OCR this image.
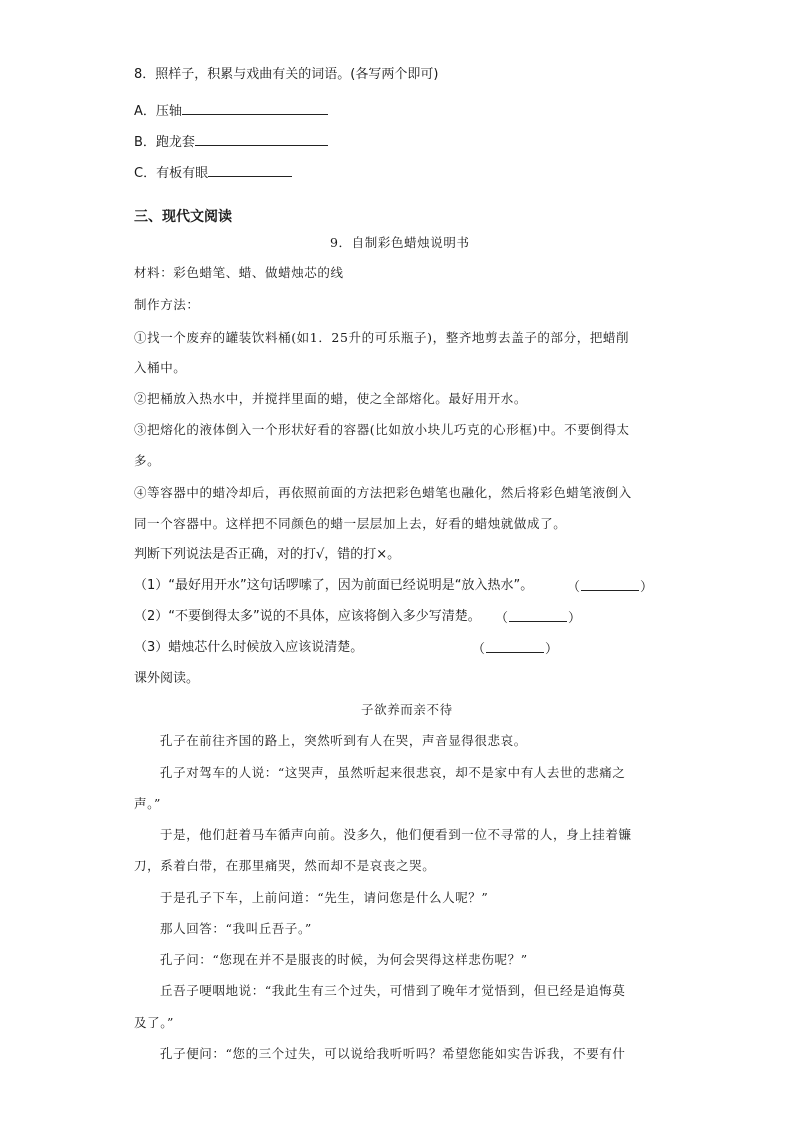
8．照样子，积累与戏曲有关的词语。(各写两个即可)
A．压轴
B．跑龙套
C．有板有眼
三、现代文阅读
9．自制彩色蜡烛说明书
材料：彩色蜡笔、蜡、做蜡烛芯的线
制作方法：
①找一个废弃的罐装饮料桶(如1．25升的可乐瓶子)，整齐地剪去盖子的部分，把蜡削
入桶中。
②把桶放入热水中，并搅拌里面的蜡，使之全部熔化。最好用开水。
③把熔化的液体倒入一个形状好看的容器(比如放小块儿巧克的心形框)中。不要倒得太
多。
④等容器中的蜡冷却后，再依照前面的方法把彩色蜡笔也融化，然后将彩色蜡笔液倒入
同一个容器中。这样把不同颜色的蜡一层层加上去，好看的蜡烛就做成了。
判断下列说法是否正确，对的打√，错的打×。
（1）“最好用开水”这句话啰嗦了，因为前面已经说明是“放入热水”。	（	）
（2）“不要倒得太多”说的不具体，应该将倒入多少写清楚。 （	）
（3）蜡烛芯什么时候放入应该说清楚。	（	）
课外阅读。
子欲养而亲不待
孔子在前往齐国的路上，突然听到有人在哭，声音显得很悲哀。
孔子对驾车的人说：“这哭声，虽然听起来很悲哀，却不是家中有人去世的悲痛之
声。”
于是，他们赶着马车循声向前。没多久，他们便看到一位不寻常的人，身上挂着镰
刀，系着白带，在那里痛哭，然而却不是哀丧之哭。
于是孔子下车，上前问道：“先生，请问您是什么人呢？”
那人回答：“我叫丘吾子。”
孔子问：“您现在并不是服丧的时候，为何会哭得这样悲伤呢？”
丘吾子哽咽地说：“我此生有三个过失，可惜到了晚年才觉悟到，但已经是追悔莫
及了。”
孔子便问：“您的三个过失，可以说给我听听吗？希望您能如实告诉我，不要有什
